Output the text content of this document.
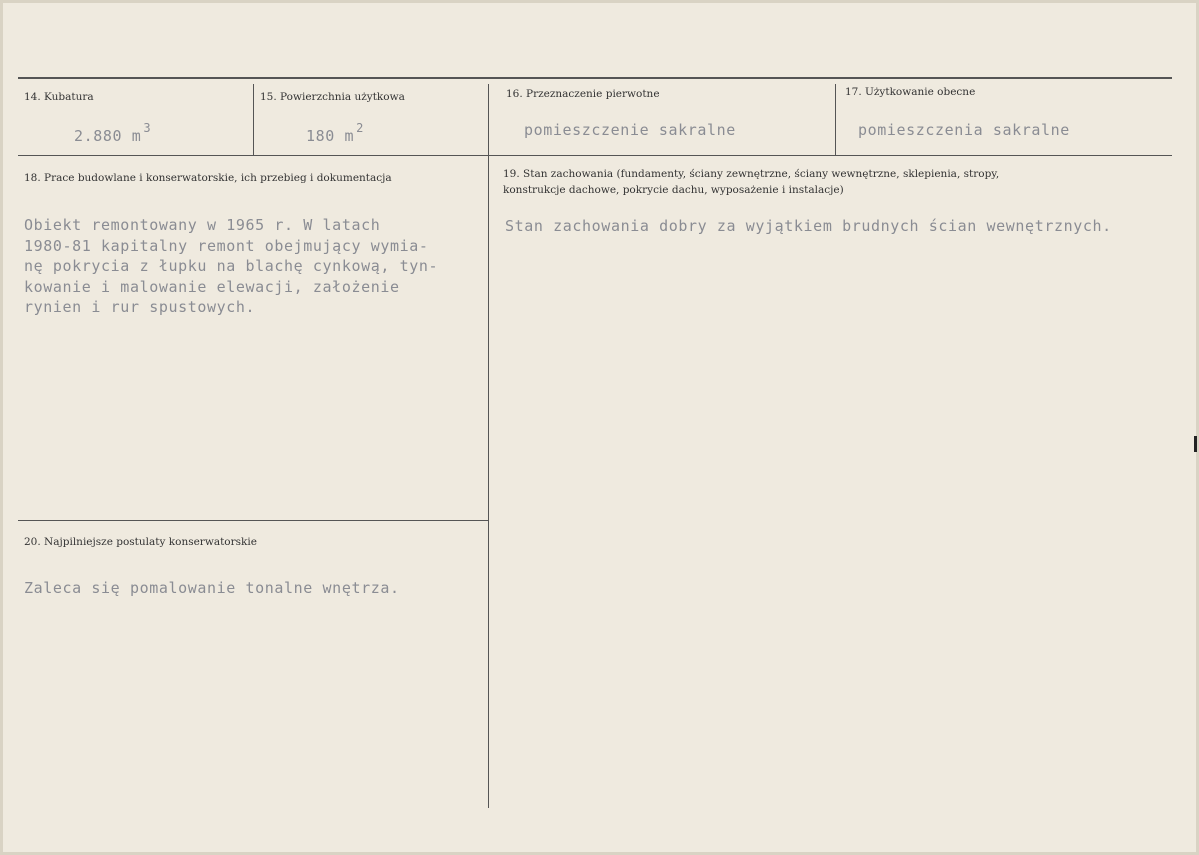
14. Kubatura
2.880 m $^3$
15. Powierzchnia użytkowa
180 m $^2$
16. Przeznaczenie pierwotne
pomieszczenie sakralne
17. Użytkowanie obecne
pomieszczenia sakralne
18. Prace budowlane i konserwatorskie, ich przebieg i dokumentacja
Obiekt remontowany w 1965 r. W latach
1980-81 kapitalny remont obejmujący wymia-
nę pokrycia z łupku na blachę cynkową, tyn-
kowanie i malowanie elewacji, założenie
rynien i rur spustowych.
19. Stan zachowania (fundamenty, ściany zewnętrzne, ściany wewnętrzne, sklepienia, stropy,
konstrukcje dachowe, pokrycie dachu, wyposażenie i instalacje)
Stan zachowania dobry za wyjątkiem brudnych ścian wewnętrznych.
20. Najpilniejsze postulaty konserwatorskie
Zaleca się pomalowanie tonalne wnętrza.
